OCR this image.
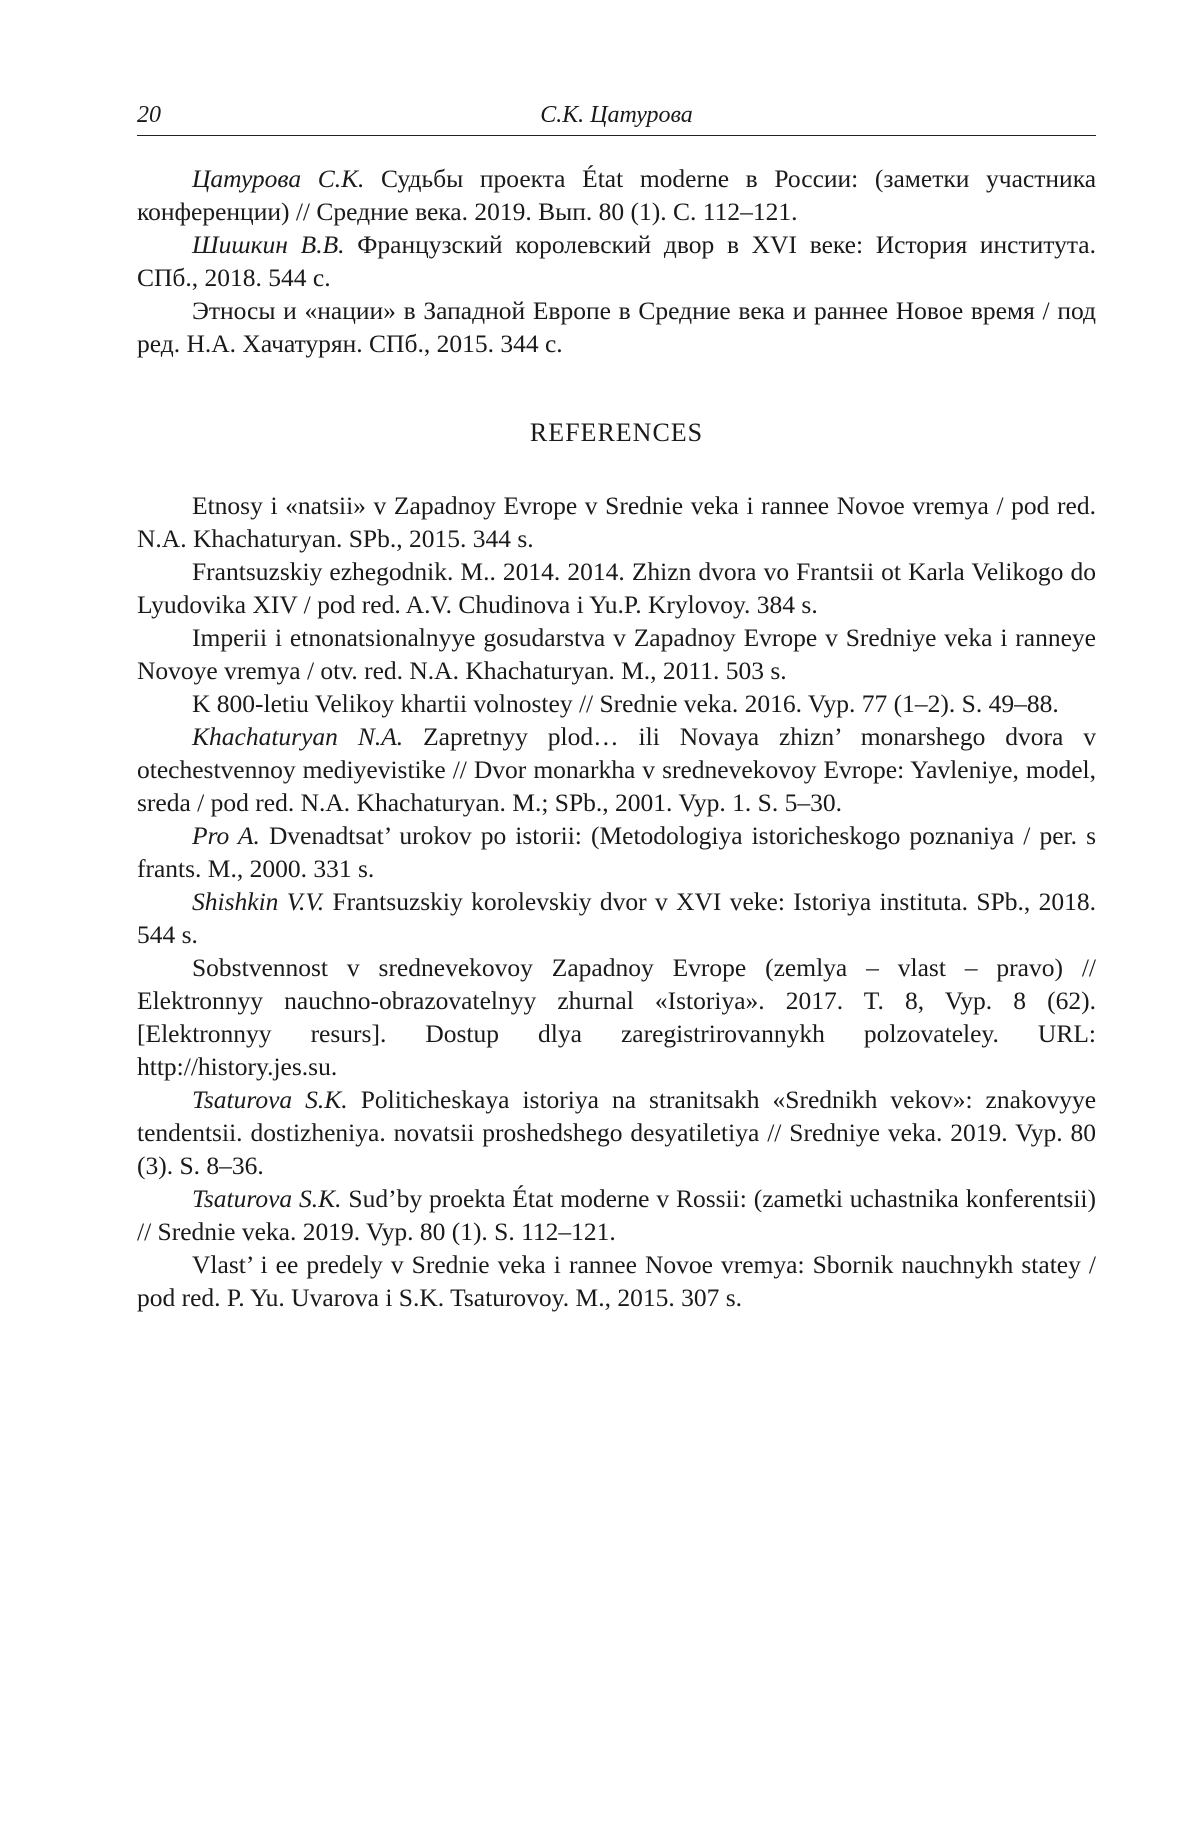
20	С.К. Цатурова

Цатурова С.К. Судьбы проекта État moderne в России: (заметки участника конференции) // Средние века. 2019. Вып. 80 (1). С. 112–121.

Шишкин В.В. Французский королевский двор в XVI веке: История института. СПб., 2018. 544 с.

Этносы и «нации» в Западной Европе в Средние века и раннее Новое время / под ред. Н.А. Хачатурян. СПб., 2015. 344 с.

REFERENCES

Etnosy i «natsii» v Zapadnoy Evrope v Srednie veka i rannee Novoe vremya / pod red. N.A. Khachaturyan. SPb., 2015. 344 s.

Frantsuzskiy ezhegodnik. M.. 2014. 2014. Zhizn dvora vo Frantsii ot Karla Velikogo do Lyudovika XIV / pod red. A.V. Chudinova i Yu.P. Krylovoy. 384 s.

Imperii i etnonatsionalnyye gosudarstva v Zapadnoy Evrope v Sredniye veka i ranneye Novoye vremya / otv. red. N.A. Khachaturyan. M., 2011. 503 s.

K 800-letiu Velikoy khartii volnostey // Srednie veka. 2016. Vyp. 77 (1–2). S. 49–88.

Khachaturyan N.A. Zapretnyy plod… ili Novaya zhizn’ monarshego dvora v otechestvennoy mediyevistike // Dvor monarkha v srednevekovoy Evrope: Yavleniye, model, sreda / pod red. N.A. Khachaturyan. M.; SPb., 2001. Vyp. 1. S. 5–30.

Pro A. Dvenadtsat’ urokov po istorii: (Metodologiya istoricheskogo poznaniya / per. s frants. M., 2000. 331 s.

Shishkin V.V. Frantsuzskiy korolevskiy dvor v XVI veke: Istoriya instituta. SPb., 2018. 544 s.

Sobstvennost v srednevekovoy Zapadnoy Evrope (zemlya – vlast – pravo) // Elektronnyy nauchno-obrazovatelnyy zhurnal «Istoriya». 2017. T. 8, Vyp. 8 (62). [Elektronnyy resurs]. Dostup dlya zaregistrirovannykh polzovateley. URL: http://history.jes.su.

Tsaturova S.K. Politicheskaya istoriya na stranitsakh «Srednikh vekov»: znakovyye tendentsii. dostizheniya. novatsii proshedshego desyatiletiya // Sredniye veka. 2019. Vyp. 80 (3). S. 8–36.

Tsaturova S.K. Sud’by proekta État moderne v Rossii: (zametki uchastnika konferentsii) // Srednie veka. 2019. Vyp. 80 (1). S. 112–121.

Vlast’ i ee predely v Srednie veka i rannee Novoe vremya: Sbornik nauchnykh statey / pod red. P. Yu. Uvarova i S.K. Tsaturovoy. M., 2015. 307 s.
